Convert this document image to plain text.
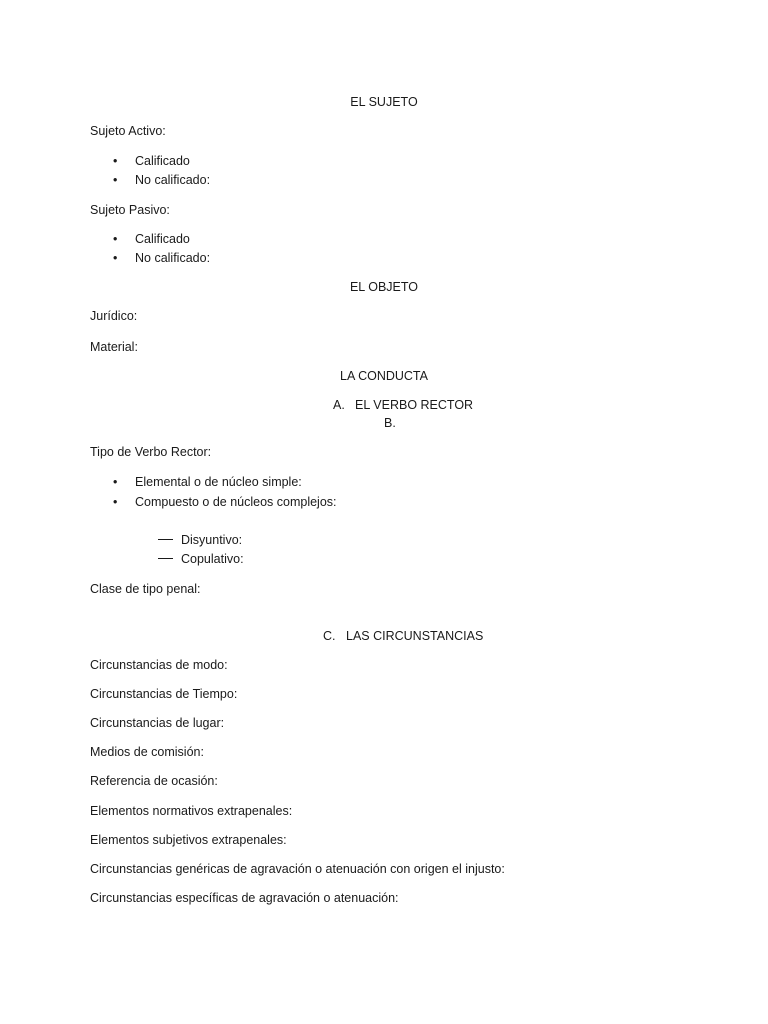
EL SUJETO
Sujeto Activo:
•	Calificado
•	No calificado:
Sujeto Pasivo:
•	Calificado
•	No calificado:
EL OBJETO
Jurídico:
Material:
LA CONDUCTA
A. EL VERBO RECTOR
B.
Tipo de Verbo Rector:
•	Elemental o de núcleo simple:
•	Compuesto o de núcleos complejos:
Disyuntivo:
Copulativo:
Clase de tipo penal:
C. LAS CIRCUNSTANCIAS
Circunstancias de modo:
Circunstancias de Tiempo:
Circunstancias de lugar:
Medios de comisión:
Referencia de ocasión:
Elementos normativos extrapenales:
Elementos subjetivos extrapenales:
Circunstancias genéricas de agravación o atenuación con origen el injusto:
Circunstancias específicas de agravación o atenuación:
